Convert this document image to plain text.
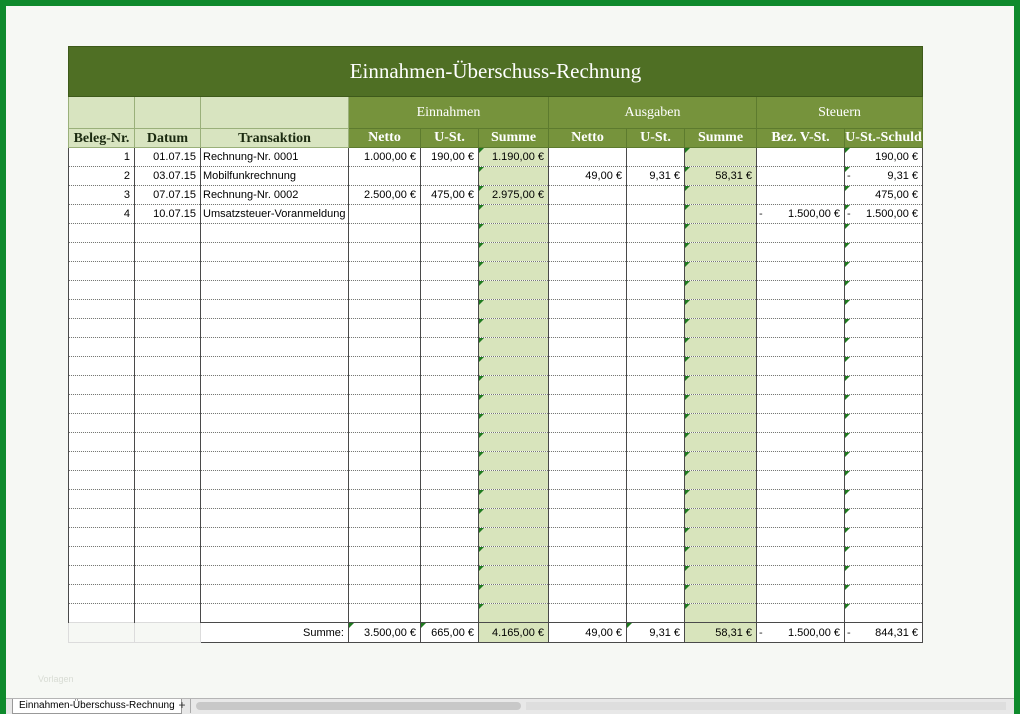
Einnahmen-Überschuss-Rechnung										
			Einnahmen			Ausgaben			Steuern	
Beleg-Nr.	Datum	Transaktion	Netto	U-St.	Summe	Netto	U-St.	Summe	Bez. V-St.	U-St.-Schuld
1	01.07.15	Rechnung-Nr. 0001	1.000,00 €	190,00 €	1.190,00 €					190,00 €
2	03.07.15	Mobilfunkrechnung				49,00 €	9,31 €	58,31 €		- 9,31 €
3	07.07.15	Rechnung-Nr. 0002	2.500,00 €	475,00 €	2.975,00 €					475,00 €
4	10.07.15	Umsatzsteuer-Voranmeldung							- 1.500,00 €	- 1.500,00 €

		Summe:	3.500,00 €	665,00 €	4.165,00 €	49,00 €	9,31 €	58,31 €	- 1.500,00 €	- 844,31 €
Vorlagen
Einnahmen-Überschuss-Rechnung +
